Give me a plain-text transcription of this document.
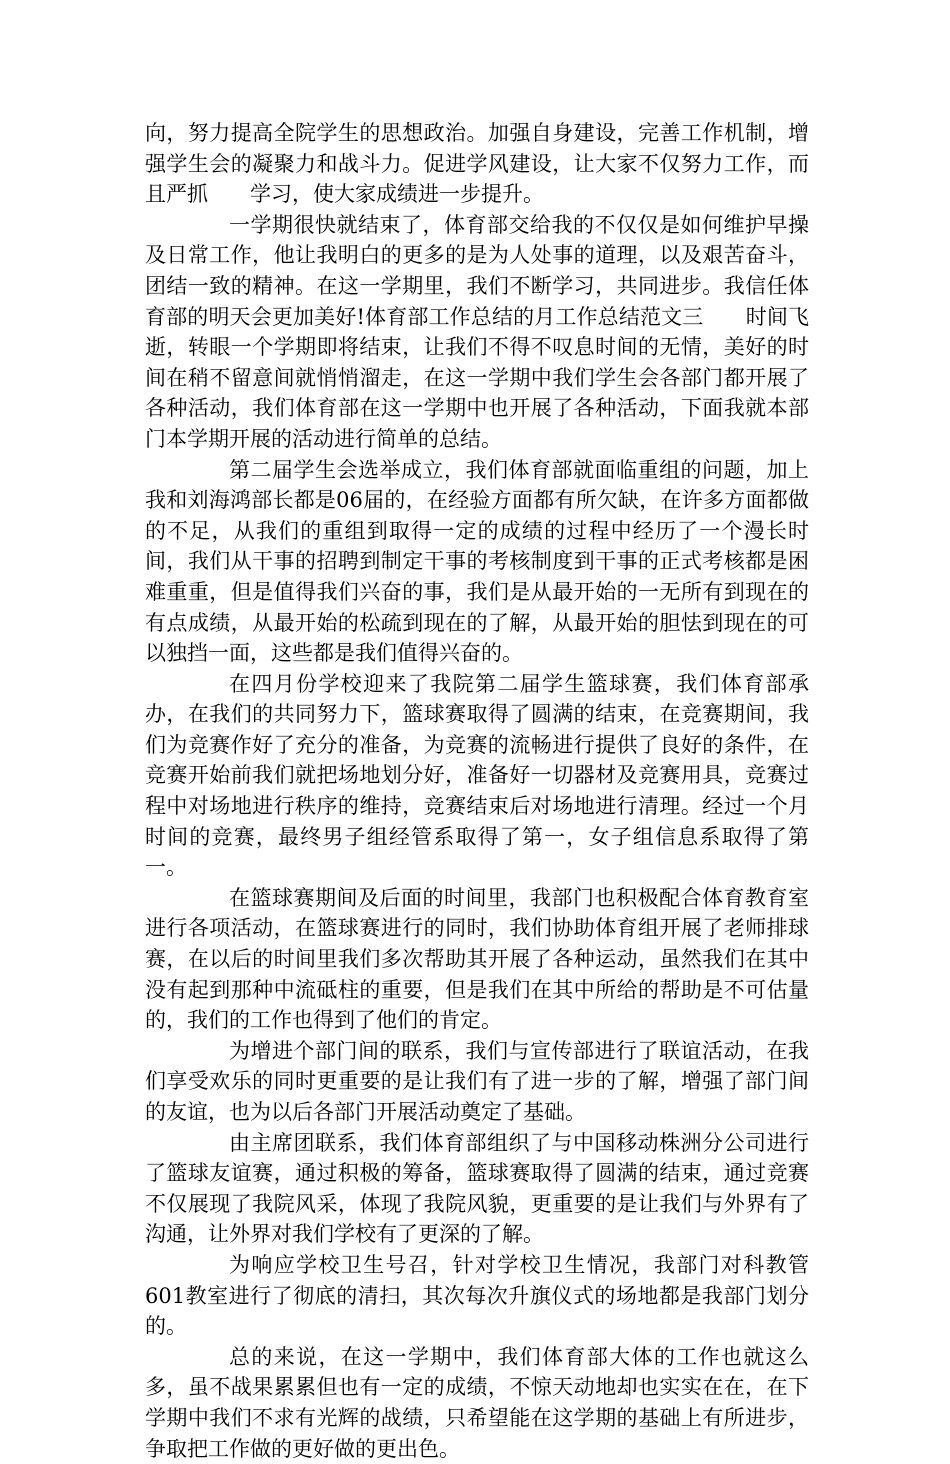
向，努力提高全院学生的思想政治。加强自身建设，完善工作机制，增强学生会的凝聚力和战斗力。促进学风建设，让大家不仅努力工作，而且严抓　　学习，使大家成绩进一步提升。

一学期很快就结束了，体育部交给我的不仅仅是如何维护早操及日常工作，他让我明白的更多的是为人处事的道理，以及艰苦奋斗，团结一致的精神。在这一学期里，我们不断学习，共同进步。我信任体育部的明天会更加美好!体育部工作总结的月工作总结范文三　　时间飞逝，转眼一个学期即将结束，让我们不得不叹息时间的无情，美好的时间在稍不留意间就悄悄溜走，在这一学期中我们学生会各部门都开展了各种活动，我们体育部在这一学期中也开展了各种活动，下面我就本部门本学期开展的活动进行简单的总结。

第二届学生会选举成立，我们体育部就面临重组的问题，加上我和刘海鸿部长都是06届的，在经验方面都有所欠缺，在许多方面都做的不足，从我们的重组到取得一定的成绩的过程中经历了一个漫长时间，我们从干事的招聘到制定干事的考核制度到干事的正式考核都是困难重重，但是值得我们兴奋的事，我们是从最开始的一无所有到现在的有点成绩，从最开始的松疏到现在的了解，从最开始的胆怯到现在的可以独挡一面，这些都是我们值得兴奋的。

在四月份学校迎来了我院第二届学生篮球赛，我们体育部承办，在我们的共同努力下，篮球赛取得了圆满的结束，在竞赛期间，我们为竞赛作好了充分的准备，为竞赛的流畅进行提供了良好的条件，在竞赛开始前我们就把场地划分好，准备好一切器材及竞赛用具，竞赛过程中对场地进行秩序的维持，竞赛结束后对场地进行清理。经过一个月时间的竞赛，最终男子组经管系取得了第一，女子组信息系取得了第一。

在篮球赛期间及后面的时间里，我部门也积极配合体育教育室进行各项活动，在篮球赛进行的同时，我们协助体育组开展了老师排球赛，在以后的时间里我们多次帮助其开展了各种运动，虽然我们在其中没有起到那种中流砥柱的重要，但是我们在其中所给的帮助是不可估量的，我们的工作也得到了他们的肯定。

为增进个部门间的联系，我们与宣传部进行了联谊活动，在我们享受欢乐的同时更重要的是让我们有了进一步的了解，增强了部门间的友谊，也为以后各部门开展活动奠定了基础。

由主席团联系，我们体育部组织了与中国移动株洲分公司进行了篮球友谊赛，通过积极的筹备，篮球赛取得了圆满的结束，通过竞赛不仅展现了我院风采，体现了我院风貌，更重要的是让我们与外界有了沟通，让外界对我们学校有了更深的了解。

为响应学校卫生号召，针对学校卫生情况，我部门对科教管601教室进行了彻底的清扫，其次每次升旗仪式的场地都是我部门划分的。

总的来说，在这一学期中，我们体育部大体的工作也就这么多，虽不战果累累但也有一定的成绩，不惊天动地却也实实在在，在下学期中我们不求有光辉的战绩，只希望能在这学期的基础上有所进步，争取把工作做的更好做的更出色。
